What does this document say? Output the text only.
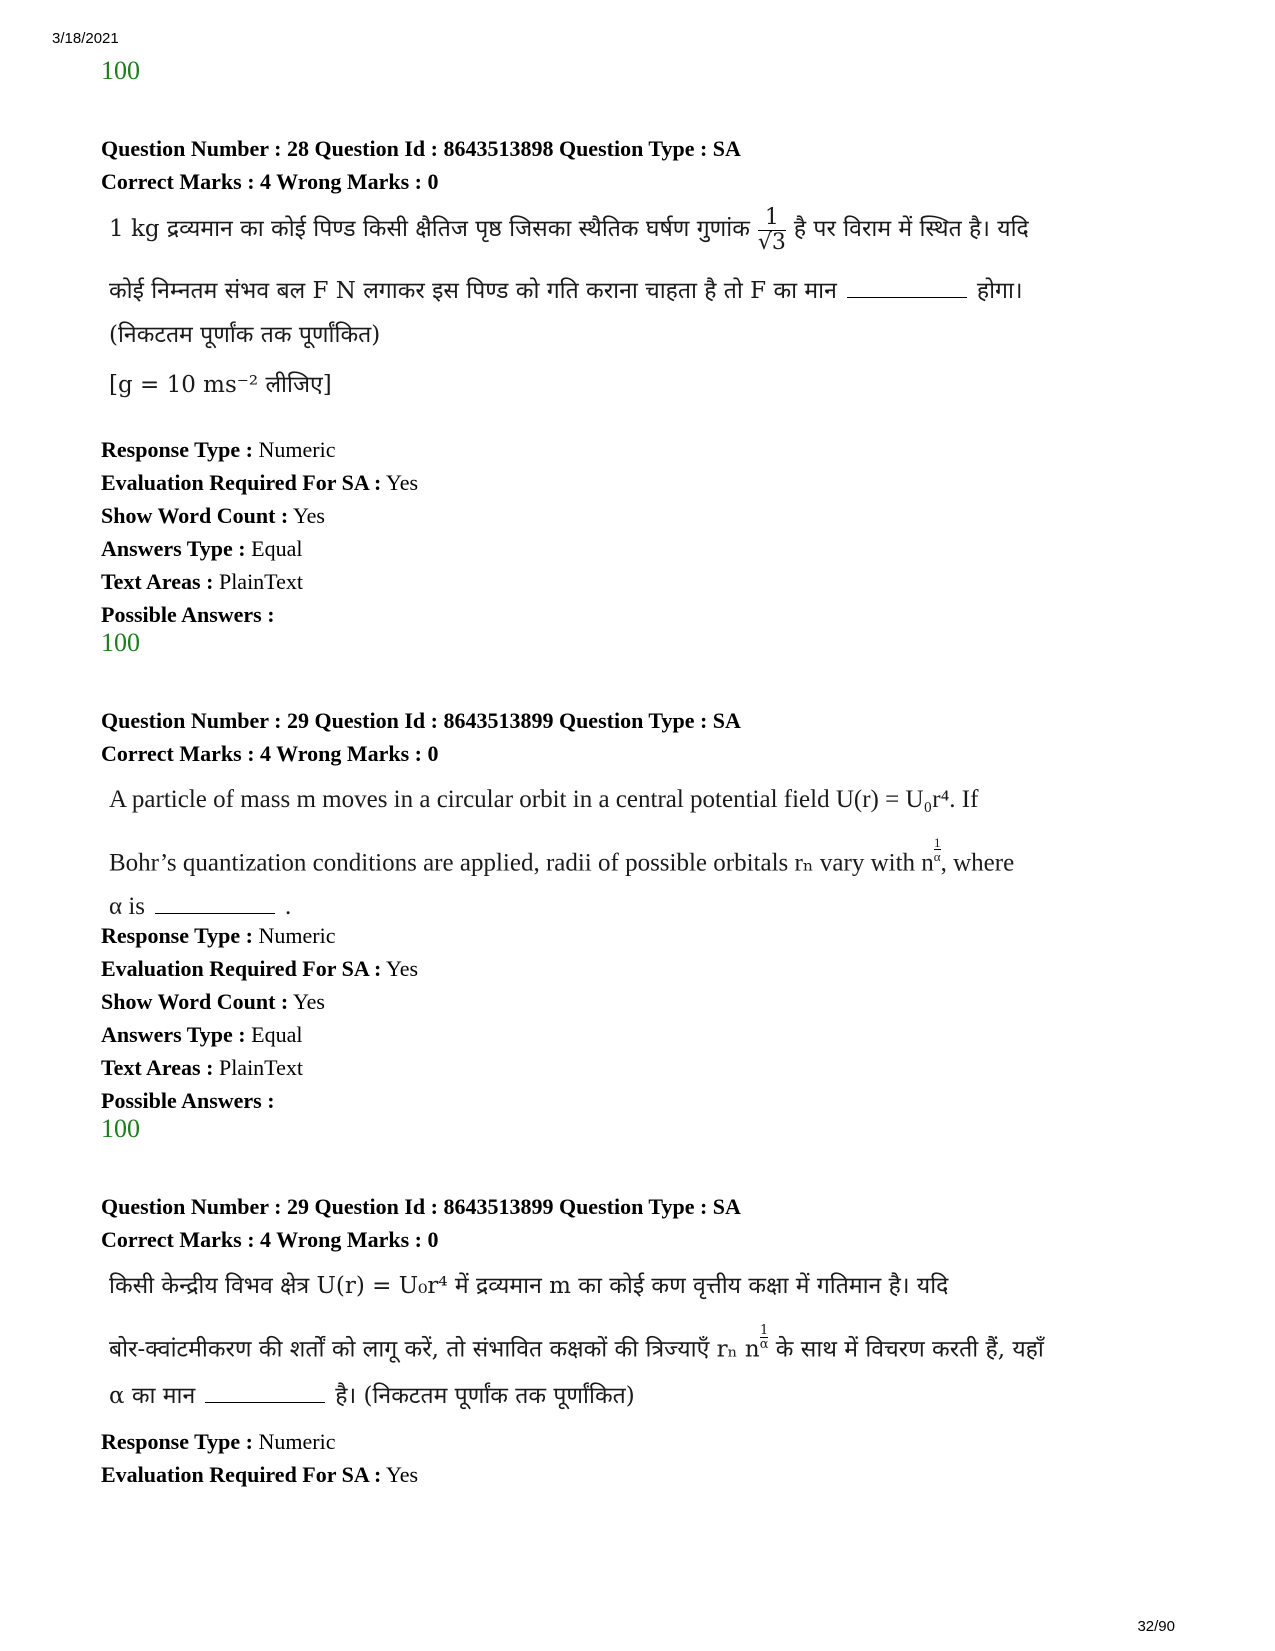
3/18/2021
100
Question Number : 28 Question Id : 8643513898 Question Type : SA
Correct Marks : 4 Wrong Marks : 0
1 kg द्रव्यमान का कोई पिण्ड किसी क्षैतिज पृष्ठ जिसका स्थैतिक घर्षण गुणांक $\frac{1}{√3}$ है पर विराम में स्थित है। यदि
कोई निम्नतम संभव बल F N लगाकर इस पिण्ड को गति कराना चाहता है तो F का मान	होगा।
(निकटतम पूर्णांक तक पूर्णांकित)
[g = 10 ms⁻² लीजिए]
Response Type : Numeric
Evaluation Required For SA : Yes
Show Word Count : Yes
Answers Type : Equal
Text Areas : PlainText
Possible Answers :
100
Question Number : 29 Question Id : 8643513899 Question Type : SA
Correct Marks : 4 Wrong Marks : 0
A particle of mass m moves in a circular orbit in a central potential field U(r) = U₀r⁴. If
Bohr’s quantization conditions are applied, radii of possible orbitals rₙ vary with n $\frac{1}{\alpha}$ , where
α is	.
Response Type : Numeric
Evaluation Required For SA : Yes
Show Word Count : Yes
Answers Type : Equal
Text Areas : PlainText
Possible Answers :
100
Question Number : 29 Question Id : 8643513899 Question Type : SA
Correct Marks : 4 Wrong Marks : 0
किसी केन्द्रीय विभव क्षेत्र U(r) = U₀r⁴ में द्रव्यमान m का कोई कण वृत्तीय कक्षा में गतिमान है। यदि
बोर-क्वांटमीकरण की शर्तों को लागू करें, तो संभावित कक्षकों की त्रिज्याएँ rₙ n $\frac{1}{\alpha}$ के साथ में विचरण करती हैं, यहाँ
α का मान	है। (निकटतम पूर्णांक तक पूर्णांकित)
Response Type : Numeric
Evaluation Required For SA : Yes
32/90
